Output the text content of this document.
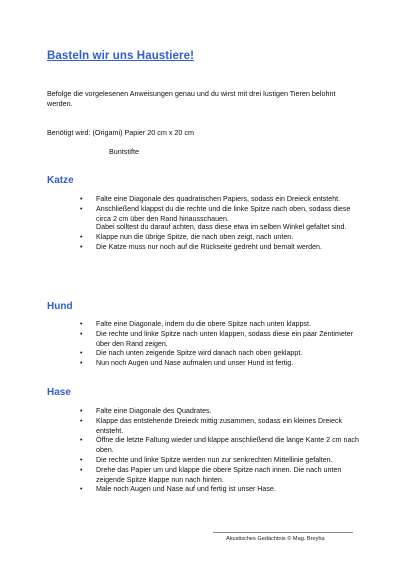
Basteln wir uns Haustiere!
Befolge die vorgelesenen Anweisungen genau und du wirst mit drei lustigen Tieren belohnt werden.
Benötigt wird: (Origami) Papier 20 cm x 20 cm
Buntstifte
Katze
• Falte eine Diagonale des quadratischen Papiers, sodass ein Dreieck entsteht.
• Anschließend klappst du die rechte und die linke Spitze nach oben, sodass diese circa 2 cm über den Rand hinausschauen.
Dabei solltest du darauf achten, dass diese etwa im selben Winkel gefaltet sind.
• Klappe nun die übrige Spitze, die nach oben zeigt, nach unten.
• Die Katze muss nur noch auf die Rückseite gedreht und bemalt werden.
Hund
• Falte eine Diagonale, indem du die obere Spitze nach unten klappst.
• Die rechte und linke Spitze nach unten klappen, sodass diese ein paar Zentimeter über den Rand zeigen.
• Die nach unten zeigende Spitze wird danach nach oben geklappt.
• Nun noch Augen und Nase aufmalen und unser Hund ist fertig.
Hase
• Falte eine Diagonale des Quadrates.
• Klappe das entstehende Dreieck mittig zusammen, sodass ein kleines Dreieck entsteht.
• Öffne die letzte Faltung wieder und klappe anschließend die lange Kante 2 cm nach oben.
• Die rechte und linke Spitze werden nun zur senkrechten Mittellinie gefalten.
• Drehe das Papier um und klappe die obere Spitze nach innen. Die nach unten zeigende Spitze klappe nun nach hinten.
• Male noch Augen und Nase auf und fertig ist unser Hase.
Akustisches Gedächtnis © Mag. Breyha
